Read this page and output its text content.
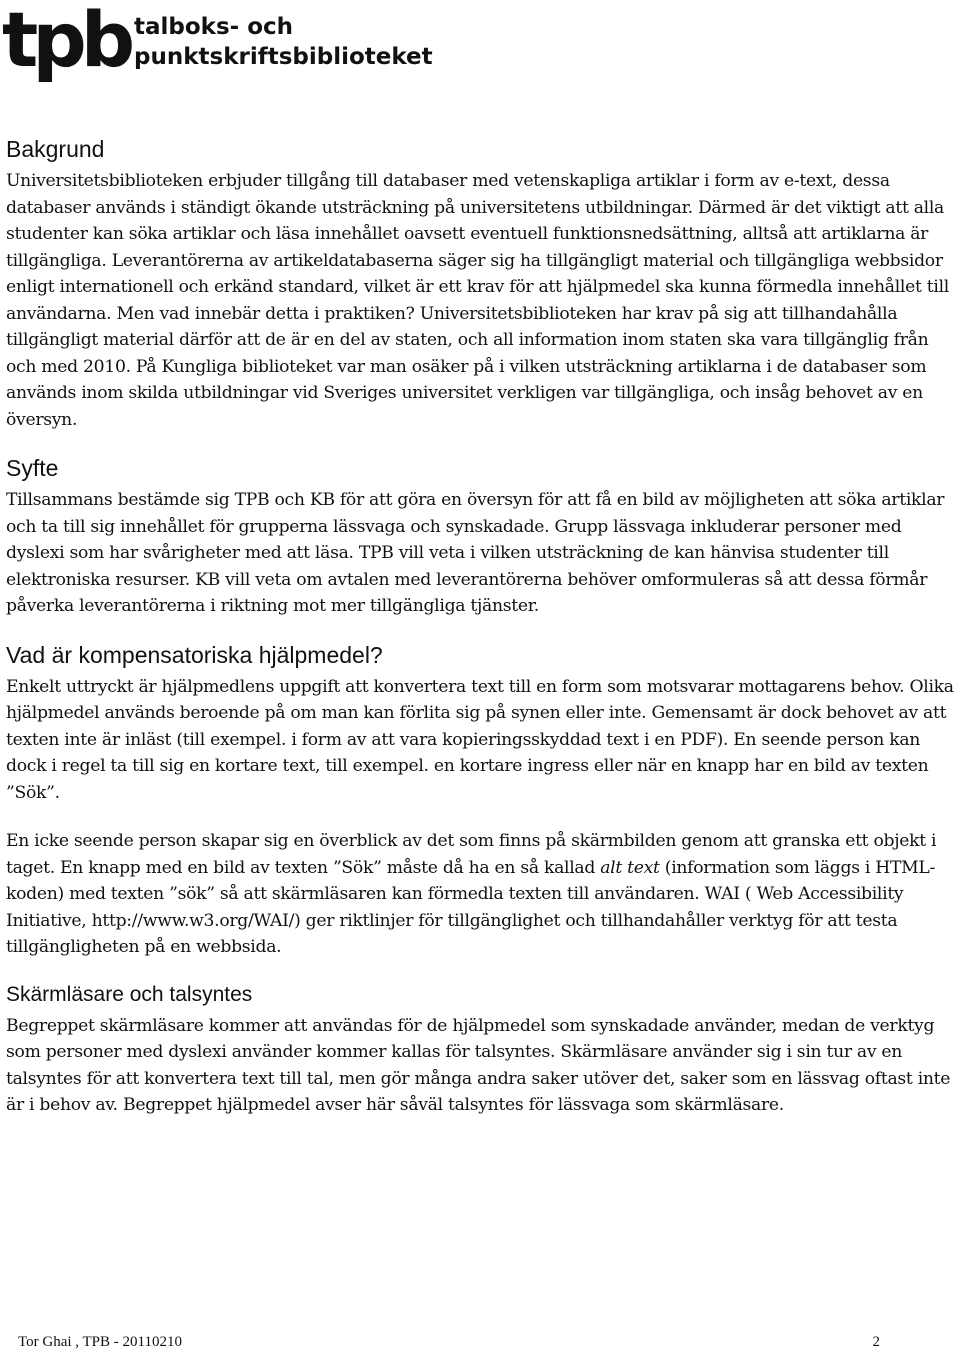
tpb talboks- och
punktskriftsbiblioteket
Bakgrund

Universitetsbiblioteken erbjuder tillgång till databaser med vetenskapliga artiklar i form av e-text, dessa databaser används i ständigt ökande utsträckning på universitetens utbildningar. Därmed är det viktigt att alla studenter kan söka artiklar och läsa innehållet oavsett eventuell funktionsnedsättning, alltså att artiklarna är tillgängliga. Leverantörerna av artikeldatabaserna säger sig ha tillgängligt material och tillgängliga webbsidor enligt internationell och erkänd standard, vilket är ett krav för att hjälpmedel ska kunna förmedla innehållet till användarna. Men vad innebär detta i praktiken? Universitetsbiblioteken har krav på sig att tillhandahålla tillgängligt material därför att de är en del av staten, och all information inom staten ska vara tillgänglig från och med 2010. På Kungliga biblioteket var man osäker på i vilken utsträckning artiklarna i de databaser som används inom skilda utbildningar vid Sveriges universitet verkligen var tillgängliga, och insåg behovet av en översyn.

Syfte

Tillsammans bestämde sig TPB och KB för att göra en översyn för att få en bild av möjligheten att söka artiklar och ta till sig innehållet för grupperna lässvaga och synskadade. Grupp lässvaga inkluderar personer med dyslexi som har svårigheter med att läsa. TPB vill veta i vilken utsträckning de kan hänvisa studenter till elektroniska resurser. KB vill veta om avtalen med leverantörerna behöver omformuleras så att dessa förmår påverka leverantörerna i riktning mot mer tillgängliga tjänster.

Vad är kompensatoriska hjälpmedel?

Enkelt uttryckt är hjälpmedlens uppgift att konvertera text till en form som motsvarar mottagarens behov. Olika hjälpmedel används beroende på om man kan förlita sig på synen eller inte. Gemensamt är dock behovet av att texten inte är inläst (till exempel. i form av att vara kopieringsskyddad text i en PDF). En seende person kan dock i regel ta till sig en kortare text, till exempel. en kortare ingress eller när en knapp har en bild av texten ”Sök”.

En icke seende person skapar sig en överblick av det som finns på skärmbilden genom att granska ett objekt i taget. En knapp med en bild av texten ”Sök” måste då ha en så kallad alt text (information som läggs i HTML-koden) med texten ”sök” så att skärmläsaren kan förmedla texten till användaren. WAI ( Web Accessibility Initiative, http://www.w3.org/WAI/) ger riktlinjer för tillgänglighet och tillhandahåller verktyg för att testa tillgängligheten på en webbsida.

Skärmläsare och talsyntes

Begreppet skärmläsare kommer att användas för de hjälpmedel som synskadade använder, medan de verktyg som personer med dyslexi använder kommer kallas för talsyntes. Skärmläsare använder sig i sin tur av en talsyntes för att konvertera text till tal, men gör många andra saker utöver det, saker som en lässvag oftast inte är i behov av. Begreppet hjälpmedel avser här såväl talsyntes för lässvaga som skärmläsare.

Tor Ghai , TPB - 20110210	2
